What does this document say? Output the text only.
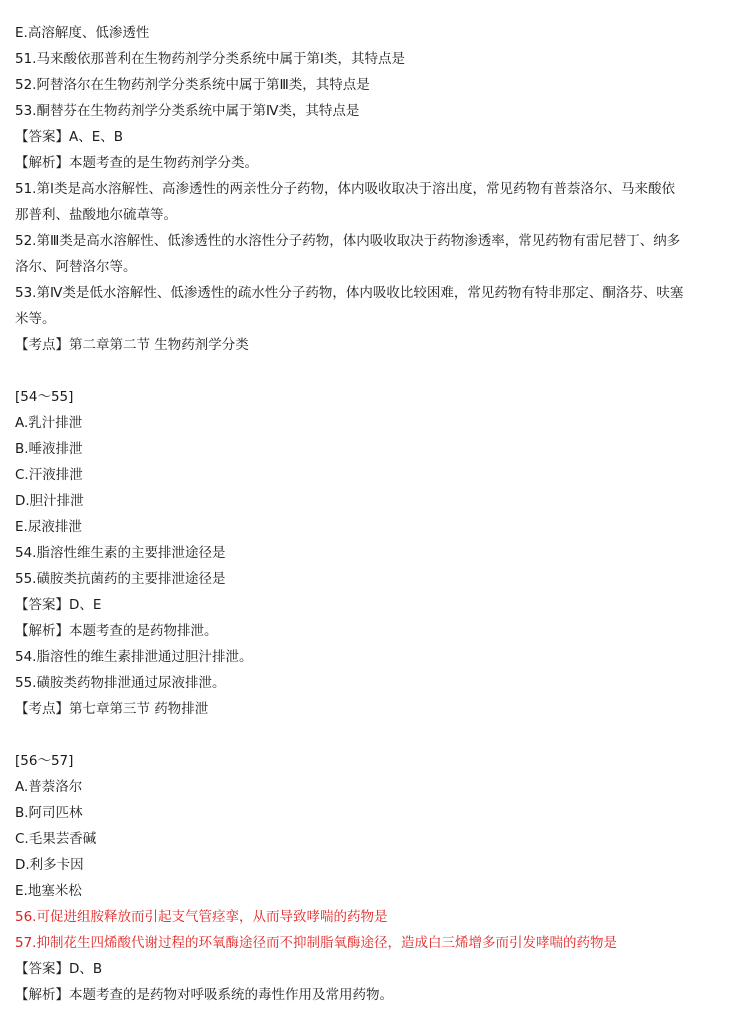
E.高溶解度、低渗透性
51.马来酸依那普利在生物药剂学分类系统中属于第Ⅰ类，其特点是
52.阿替洛尔在生物药剂学分类系统中属于第Ⅲ类，其特点是
53.酮替芬在生物药剂学分类系统中属于第Ⅳ类，其特点是
【答案】A、E、B
【解析】本题考查的是生物药剂学分类。
51.第Ⅰ类是高水溶解性、高渗透性的两亲性分子药物，体内吸收取决于溶出度，常见药物有普萘洛尔、马来酸依
那普利、盐酸地尔硫䓬等。
52.第Ⅲ类是高水溶解性、低渗透性的水溶性分子药物，体内吸收取决于药物渗透率，常见药物有雷尼替丁、纳多
洛尔、阿替洛尔等。
53.第Ⅳ类是低水溶解性、低渗透性的疏水性分子药物，体内吸收比较困难，常见药物有特非那定、酮洛芬、呋塞
米等。
【考点】第二章第二节 生物药剂学分类
[54～55]
A.乳汁排泄
B.唾液排泄
C.汗液排泄
D.胆汁排泄
E.尿液排泄
54.脂溶性维生素的主要排泄途径是
55.磺胺类抗菌药的主要排泄途径是
【答案】D、E
【解析】本题考查的是药物排泄。
54.脂溶性的维生素排泄通过胆汁排泄。
55.磺胺类药物排泄通过尿液排泄。
【考点】第七章第三节 药物排泄
[56～57]
A.普萘洛尔
B.阿司匹林
C.毛果芸香碱
D.利多卡因
E.地塞米松
56.可促进组胺释放而引起支气管痉挛，从而导致哮喘的药物是
57.抑制花生四烯酸代谢过程的环氧酶途径而不抑制脂氧酶途径，造成白三烯增多而引发哮喘的药物是
【答案】D、B
【解析】本题考查的是药物对呼吸系统的毒性作用及常用药物。
